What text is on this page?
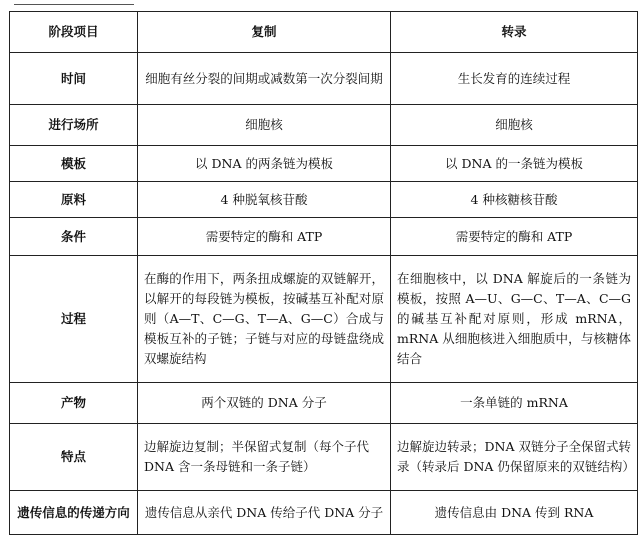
阶段项目	复制	转录
时间	细胞有丝分裂的间期或减数第一次分裂间期	生长发育的连续过程
进行场所	细胞核	细胞核
模板	以 DNA 的两条链为模板	以 DNA 的一条链为模板
原料	4 种脱氧核苷酸	4 种核糖核苷酸
条件	需要特定的酶和 ATP	需要特定的酶和 ATP
过程	在酶的作用下，两条扭成螺旋的双链解开，以解开的每段链为模板，按碱基互补配对原则（A—T、C—G、T—A、G—C）合成与模板互补的子链；子链与对应的母链盘绕成双螺旋结构	在细胞核中，以 DNA 解旋后的一条链为模板，按照 A—U、G—C、T—A、C—G 的碱基互补配对原则，形成 mRNA，mRNA 从细胞核进入细胞质中，与核糖体结合
产物	两个双链的 DNA 分子	一条单链的 mRNA
特点	边解旋边复制；半保留式复制（每个子代 DNA 含一条母链和一条子链）	边解旋边转录；DNA 双链分子全保留式转录（转录后 DNA 仍保留原来的双链结构）
遗传信息的传递方向	遗传信息从亲代 DNA 传给子代 DNA 分子	遗传信息由 DNA 传到 RNA
